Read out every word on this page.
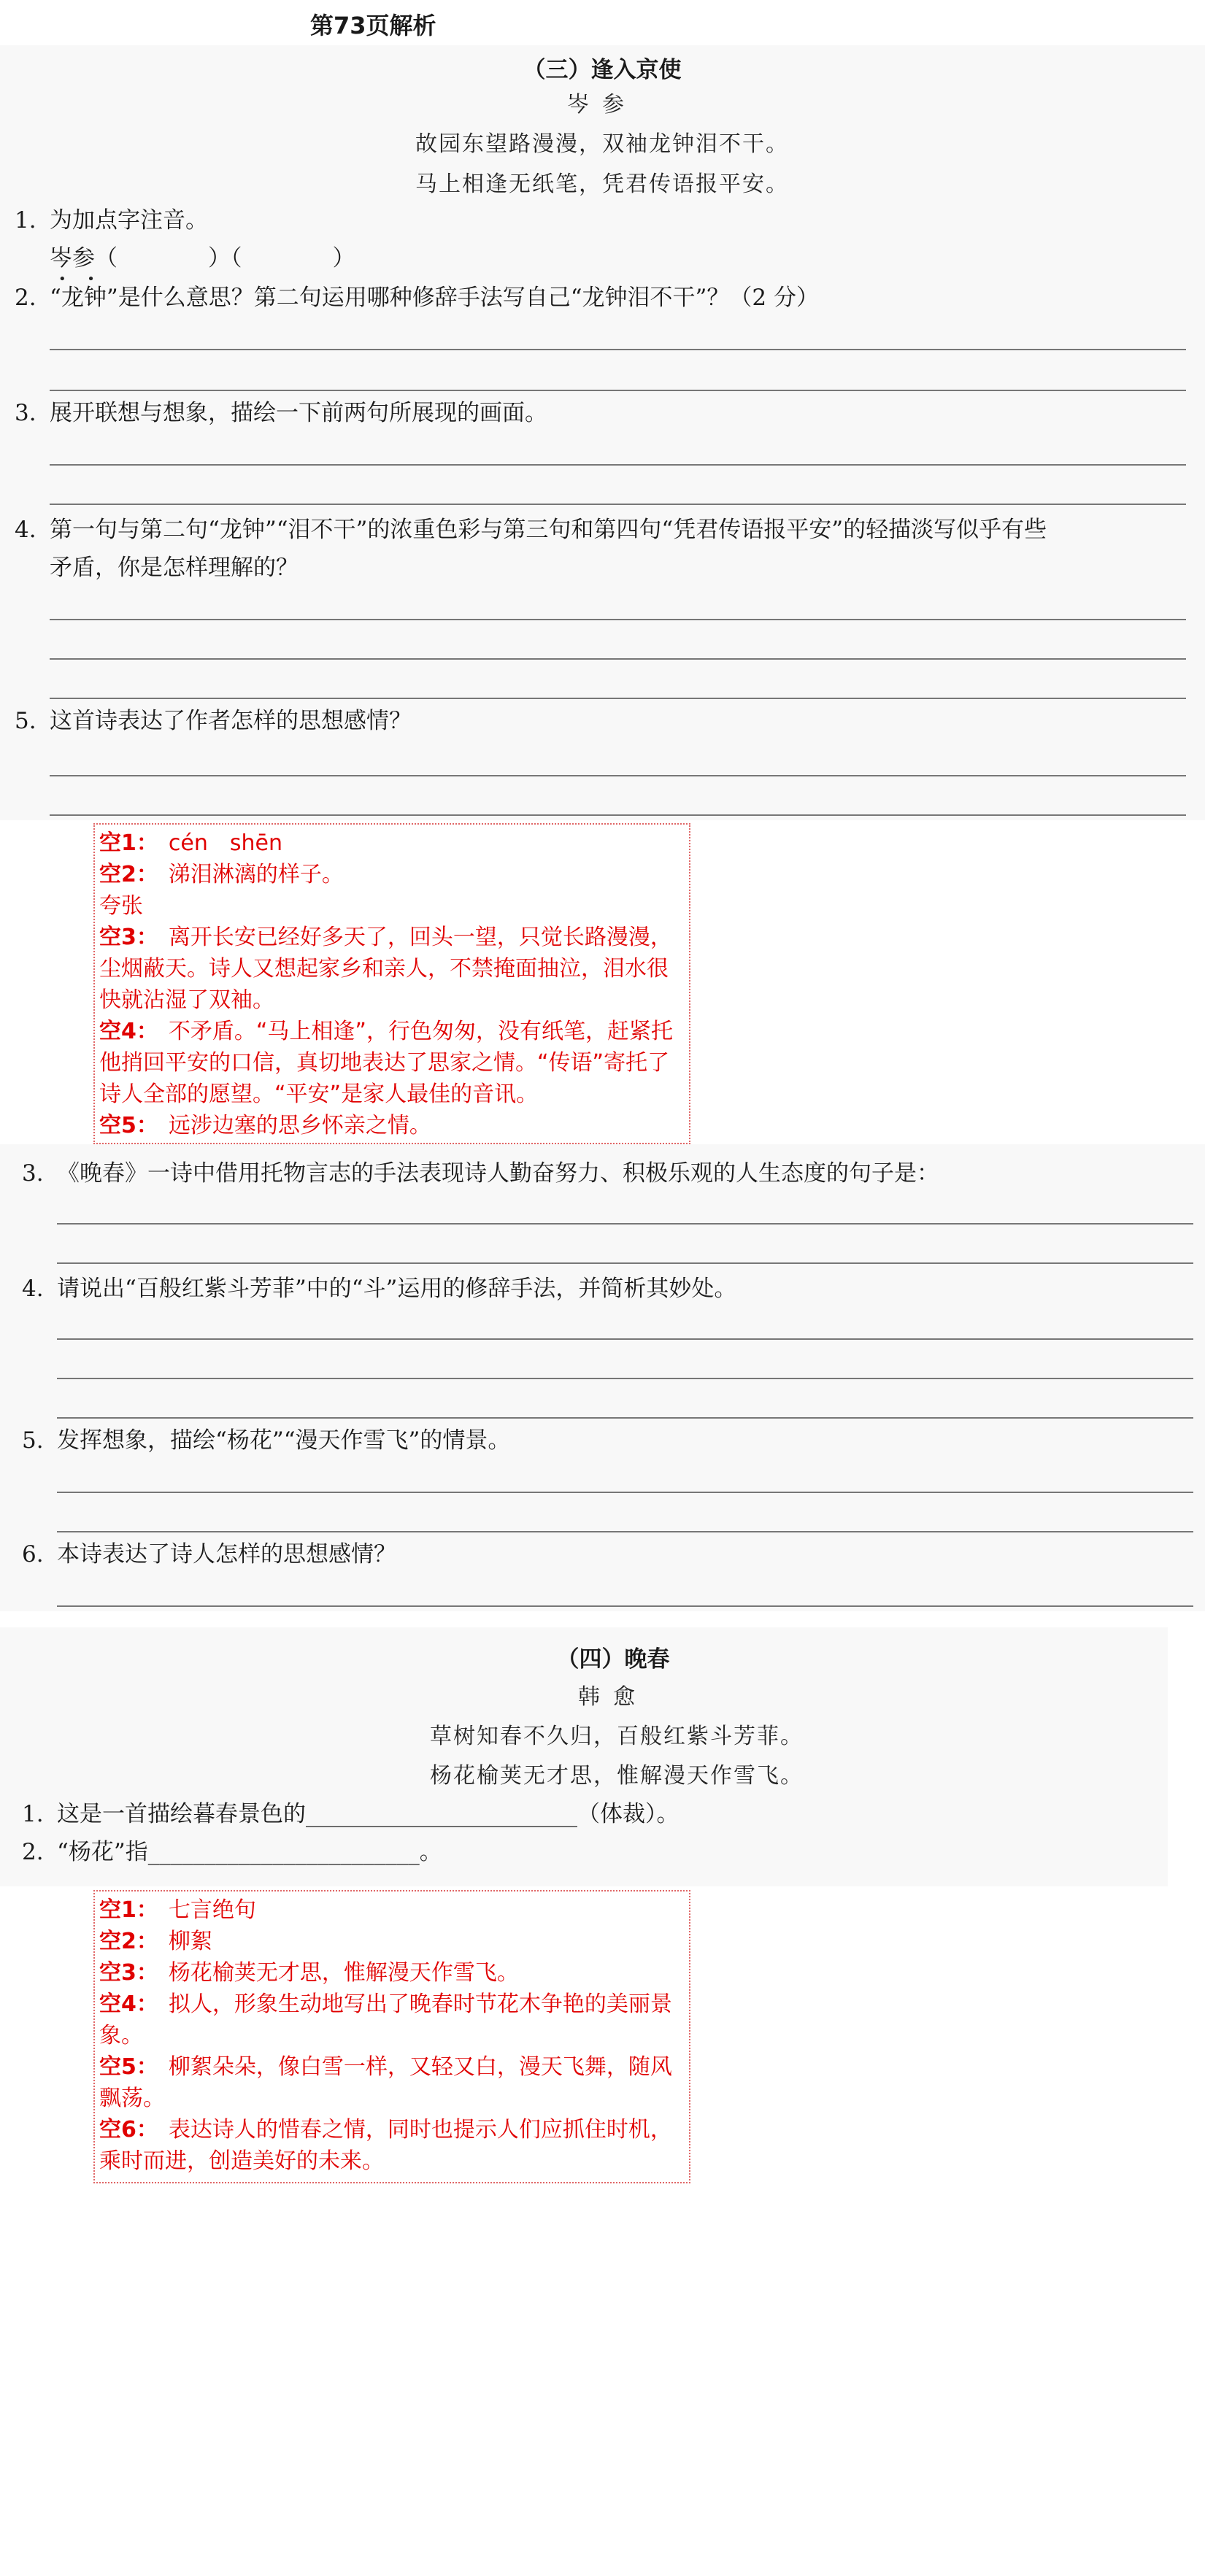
第73页解析
（三）逢入京使
岑参
故园东望路漫漫，双袖龙钟泪不干。
马上相逢无纸笔，凭君传语报平安。
1. 为加点字注音。
岑参（　　　　）（　　　　）
•     •
2. “龙钟”是什么意思？第二句运用哪种修辞手法写自己“龙钟泪不干”？（2 分）
3. 展开联想与想象，描绘一下前两句所展现的画面。
4. 第一句与第二句“龙钟”“泪不干”的浓重色彩与第三句和第四句“凭君传语报平安”的轻描淡写似乎有些
矛盾，你是怎样理解的？
5. 这首诗表达了作者怎样的思想感情？

空1： cén　shēn

空2： 涕泪淋漓的样子。

夸张

空3： 离开长安已经好多天了，回头一望，只觉长路漫漫，尘烟蔽天。诗人又想起家乡和亲人，不禁掩面抽泣，泪水很快就沾湿了双袖。

空4： 不矛盾。“马上相逢”，行色匆匆，没有纸笔，赶紧托他捎回平安的口信，真切地表达了思家之情。“传语”寄托了诗人全部的愿望。“平安”是家人最佳的音讯。

空5： 远涉边塞的思乡怀亲之情。

3. 《晚春》一诗中借用托物言志的手法表现诗人勤奋努力、积极乐观的人生态度的句子是：
4. 请说出“百般红紫斗芳菲”中的“斗”运用的修辞手法，并简析其妙处。
5. 发挥想象，描绘“杨花”“漫天作雪飞”的情景。
6. 本诗表达了诗人怎样的思想感情？
（四）晚春
韩愈
草树知春不久归，百般红紫斗芳菲。
杨花榆荚无才思，惟解漫天作雪飞。
1. 这是一首描绘暮春景色的________________________（体裁）。
2. “杨花”指________________________。

空1： 七言绝句

空2： 柳絮

空3： 杨花榆荚无才思，惟解漫天作雪飞。

空4： 拟人，形象生动地写出了晚春时节花木争艳的美丽景象。

空5： 柳絮朵朵，像白雪一样，又轻又白，漫天飞舞，随风飘荡。

空6： 表达诗人的惜春之情，同时也提示人们应抓住时机，乘时而进，创造美好的未来。
